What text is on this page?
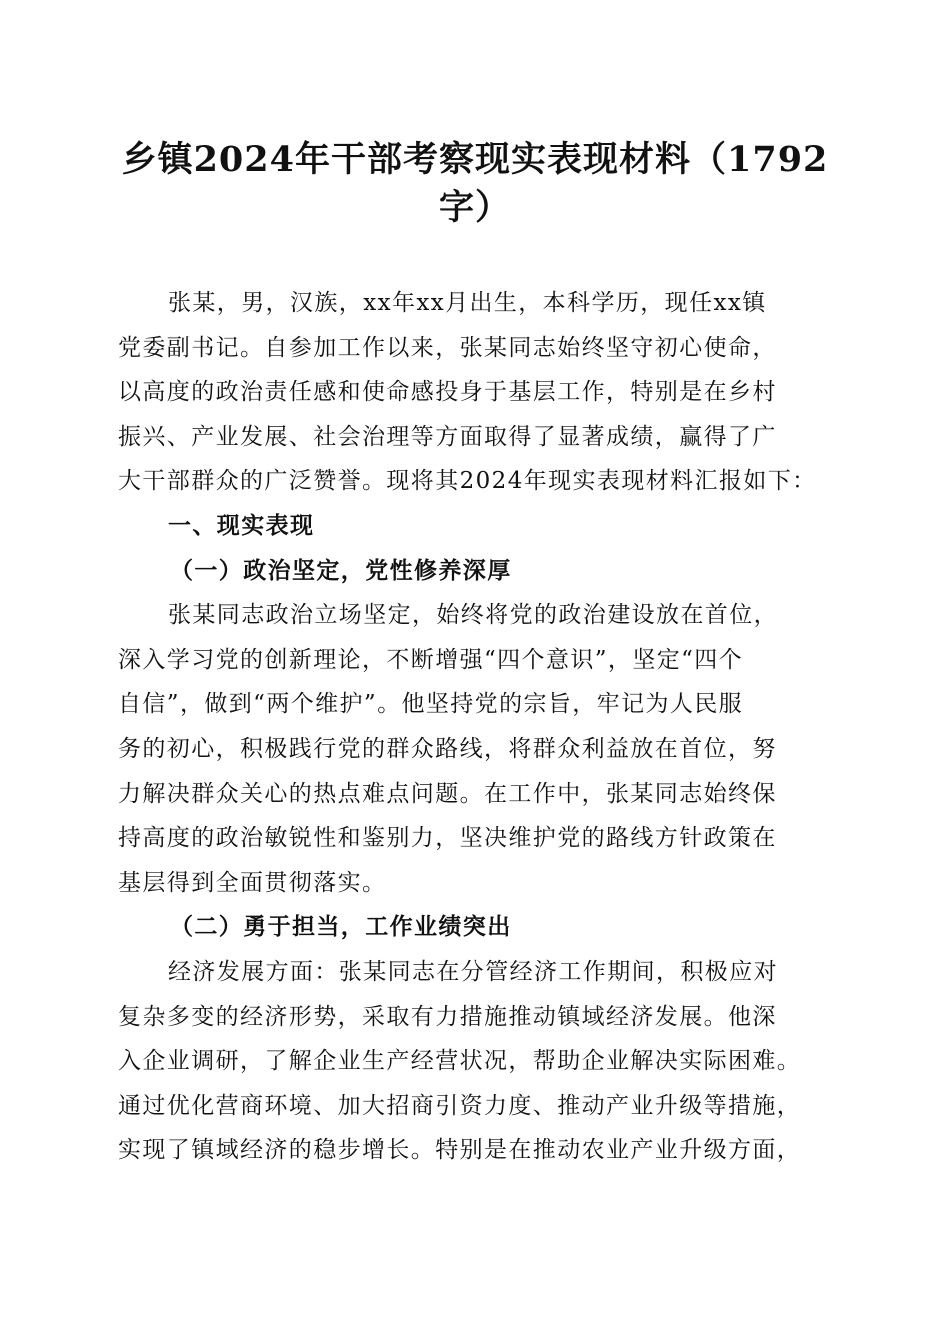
乡镇2024年干部考察现实表现材料（1792
字）

张某，男，汉族，xx年xx月出生，本科学历，现任xx镇
党委副书记。自参加工作以来，张某同志始终坚守初心使命，
以高度的政治责任感和使命感投身于基层工作，特别是在乡村
振兴、产业发展、社会治理等方面取得了显著成绩，赢得了广
大干部群众的广泛赞誉。现将其2024年现实表现材料汇报如下：

一、现实表现
（一）政治坚定，党性修养深厚

张某同志政治立场坚定，始终将党的政治建设放在首位，
深入学习党的创新理论，不断增强“四个意识”，坚定“四个
自信”，做到“两个维护”。他坚持党的宗旨，牢记为人民服
务的初心，积极践行党的群众路线，将群众利益放在首位，努
力解决群众关心的热点难点问题。在工作中，张某同志始终保
持高度的政治敏锐性和鉴别力，坚决维护党的路线方针政策在
基层得到全面贯彻落实。

（二）勇于担当，工作业绩突出

经济发展方面：张某同志在分管经济工作期间，积极应对
复杂多变的经济形势，采取有力措施推动镇域经济发展。他深
入企业调研，了解企业生产经营状况，帮助企业解决实际困难。
通过优化营商环境、加大招商引资力度、推动产业升级等措施，
实现了镇域经济的稳步增长。特别是在推动农业产业升级方面，
